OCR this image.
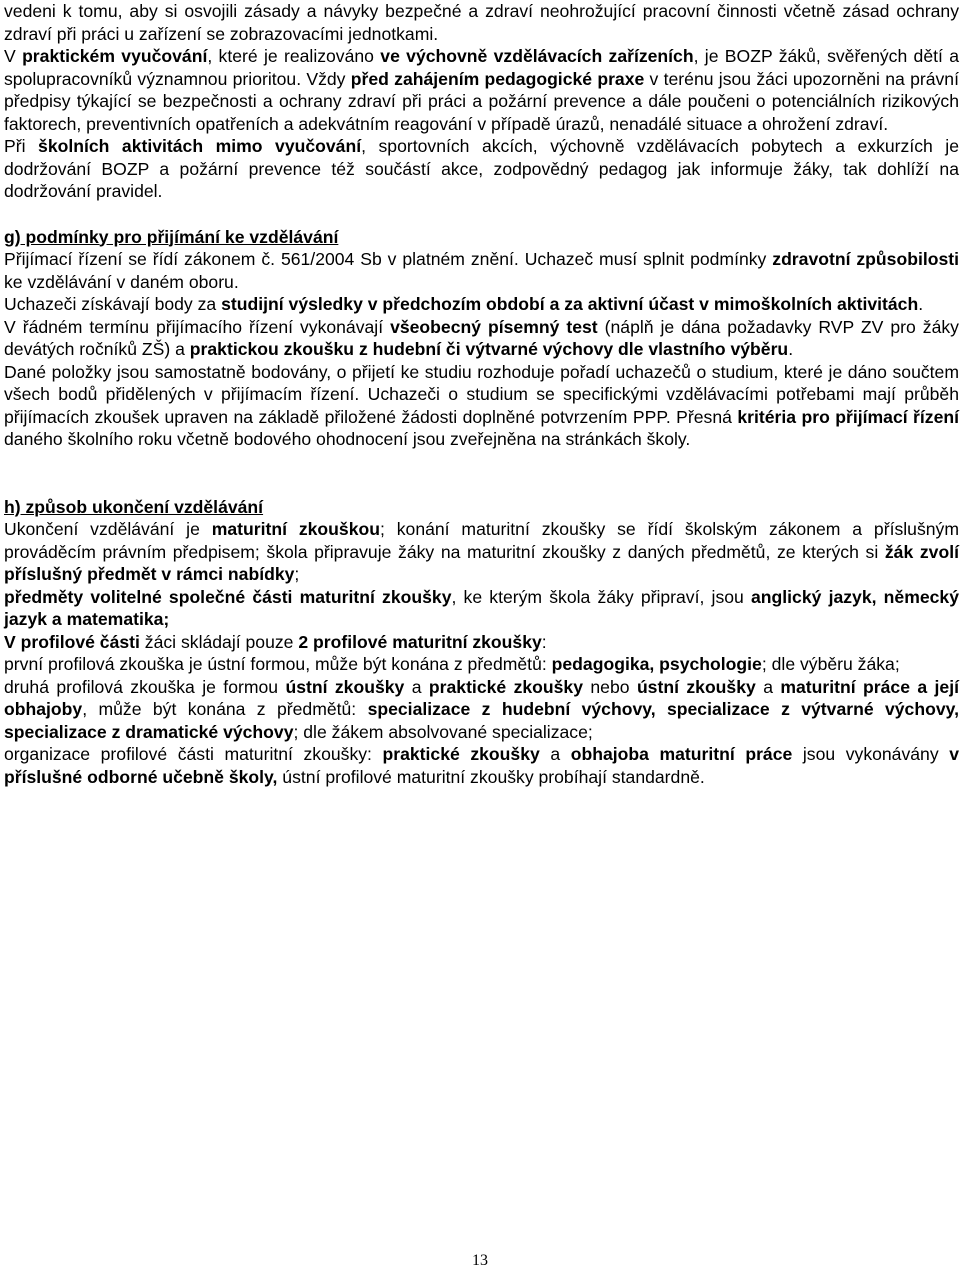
vedeni k tomu, aby si osvojili zásady a návyky bezpečné a zdraví neohrožující pracovní činnosti včetně zásad ochrany zdraví při práci u zařízení se zobrazovacími jednotkami.

V praktickém vyučování, které je realizováno ve výchovně vzdělávacích zařízeních, je BOZP žáků, svěřených dětí a spolupracovníků významnou prioritou. Vždy před zahájením pedagogické praxe v terénu jsou žáci upozorněni na právní předpisy týkající se bezpečnosti a ochrany zdraví při práci a požární prevence a dále poučeni o potenciálních rizikových faktorech, preventivních opatřeních a adekvátním reagování v případě úrazů, nenadálé situace a ohrožení zdraví.

Při školních aktivitách mimo vyučování, sportovních akcích, výchovně vzdělávacích pobytech a exkurzích je dodržování BOZP a požární prevence též součástí akce, zodpovědný pedagog jak informuje žáky, tak dohlíží na dodržování pravidel.

g) podmínky pro přijímání ke vzdělávání

Přijímací řízení se řídí zákonem č. 561/2004 Sb v platném znění. Uchazeč musí splnit podmínky zdravotní způsobilosti ke vzdělávání v daném oboru.

Uchazeči získávají body za studijní výsledky v předchozím období a za aktivní účast v mimoškolních aktivitách.

V řádném termínu přijímacího řízení vykonávají všeobecný písemný test (náplň je dána požadavky RVP ZV pro žáky devátých ročníků ZŠ) a praktickou zkoušku z hudební či výtvarné výchovy dle vlastního výběru.

Dané položky jsou samostatně bodovány, o přijetí ke studiu rozhoduje pořadí uchazečů o studium, které je dáno součtem všech bodů přidělených v přijímacím řízení. Uchazeči o studium se specifickými vzdělávacími potřebami mají průběh přijímacích zkoušek upraven na základě přiložené žádosti doplněné potvrzením PPP. Přesná kritéria pro přijímací řízení daného školního roku včetně bodového ohodnocení jsou zveřejněna na stránkách školy.

h) způsob ukončení vzdělávání

Ukončení vzdělávání je maturitní zkouškou; konání maturitní zkoušky se řídí školským zákonem a příslušným prováděcím právním předpisem; škola připravuje žáky na maturitní zkoušky z daných předmětů, ze kterých si žák zvolí příslušný předmět v rámci nabídky;

předměty volitelné společné části maturitní zkoušky, ke kterým škola žáky připraví, jsou anglický jazyk, německý jazyk a matematika;

V profilové části žáci skládají pouze 2 profilové maturitní zkoušky:

první profilová zkouška je ústní formou, může být konána z předmětů: pedagogika, psychologie; dle výběru žáka;

druhá profilová zkouška je formou ústní zkoušky a praktické zkoušky nebo ústní zkoušky a maturitní práce a její obhajoby, může být konána z předmětů: specializace z hudební výchovy, specializace z výtvarné výchovy, specializace z dramatické výchovy; dle žákem absolvované specializace;

organizace profilové části maturitní zkoušky: praktické zkoušky a obhajoba maturitní práce jsou vykonávány v příslušné odborné učebně školy, ústní profilové maturitní zkoušky probíhají standardně.

13
